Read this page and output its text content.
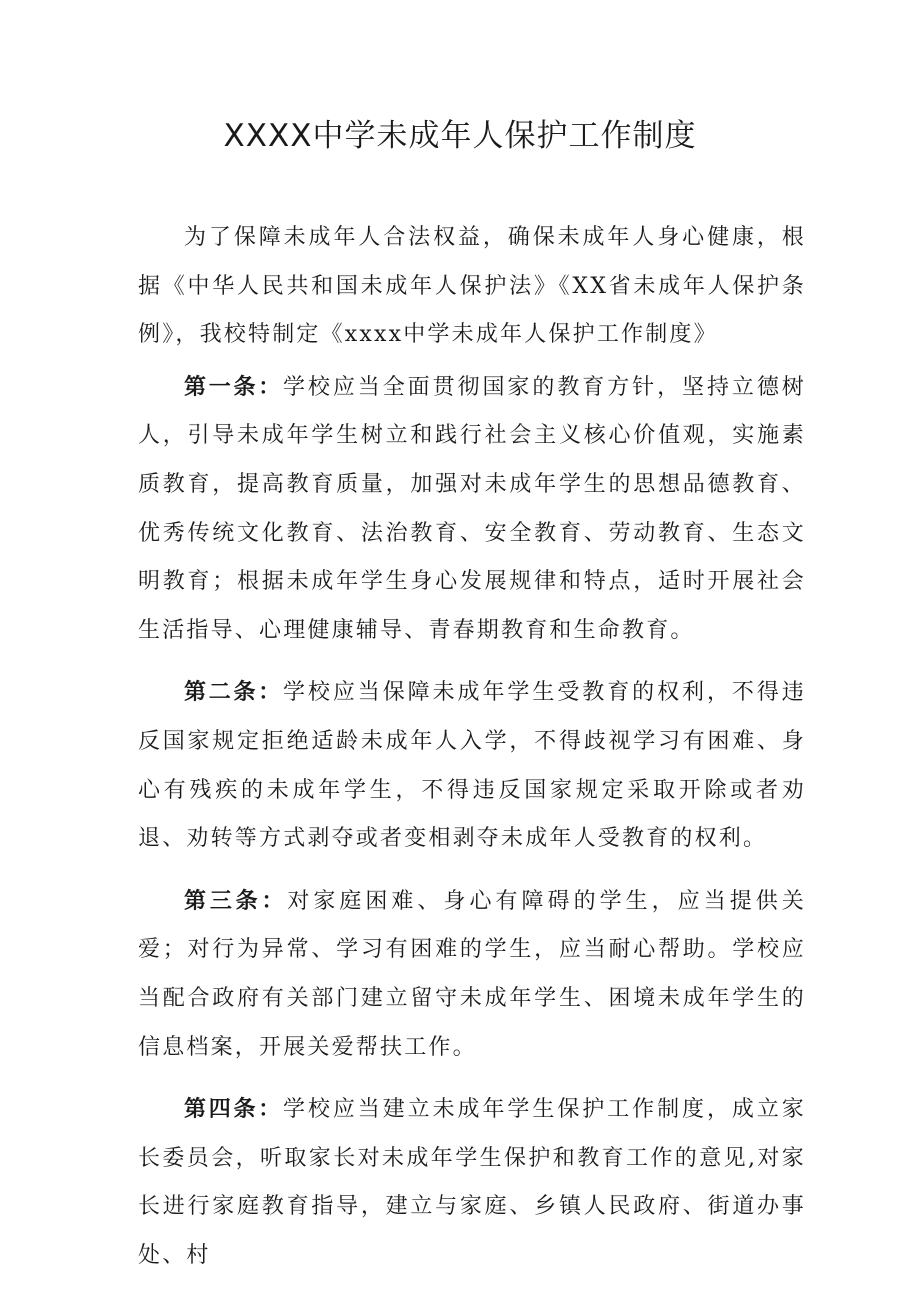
XXXX中学未成年人保护工作制度

为了保障未成年人合法权益，确保未成年人身心健康，根据《中华人民共和国未成年人保护法》《XX省未成年人保护条例》，我校特制定《xxxx中学未成年人保护工作制度》

第一条：学校应当全面贯彻国家的教育方针，坚持立德树人，引导未成年学生树立和践行社会主义核心价值观，实施素质教育，提高教育质量，加强对未成年学生的思想品德教育、优秀传统文化教育、法治教育、安全教育、劳动教育、生态文明教育；根据未成年学生身心发展规律和特点，适时开展社会生活指导、心理健康辅导、青春期教育和生命教育。

第二条：学校应当保障未成年学生受教育的权利，不得违反国家规定拒绝适龄未成年人入学，不得歧视学习有困难、身心有残疾的未成年学生，不得违反国家规定采取开除或者劝退、劝转等方式剥夺或者变相剥夺未成年人受教育的权利。

第三条：对家庭困难、身心有障碍的学生，应当提供关爱；对行为异常、学习有困难的学生，应当耐心帮助。学校应当配合政府有关部门建立留守未成年学生、困境未成年学生的信息档案，开展关爱帮扶工作。

第四条：学校应当建立未成年学生保护工作制度，成立家长委员会，听取家长对未成年学生保护和教育工作的意见,对家长进行家庭教育指导，建立与家庭、乡镇人民政府、街道办事处、村
